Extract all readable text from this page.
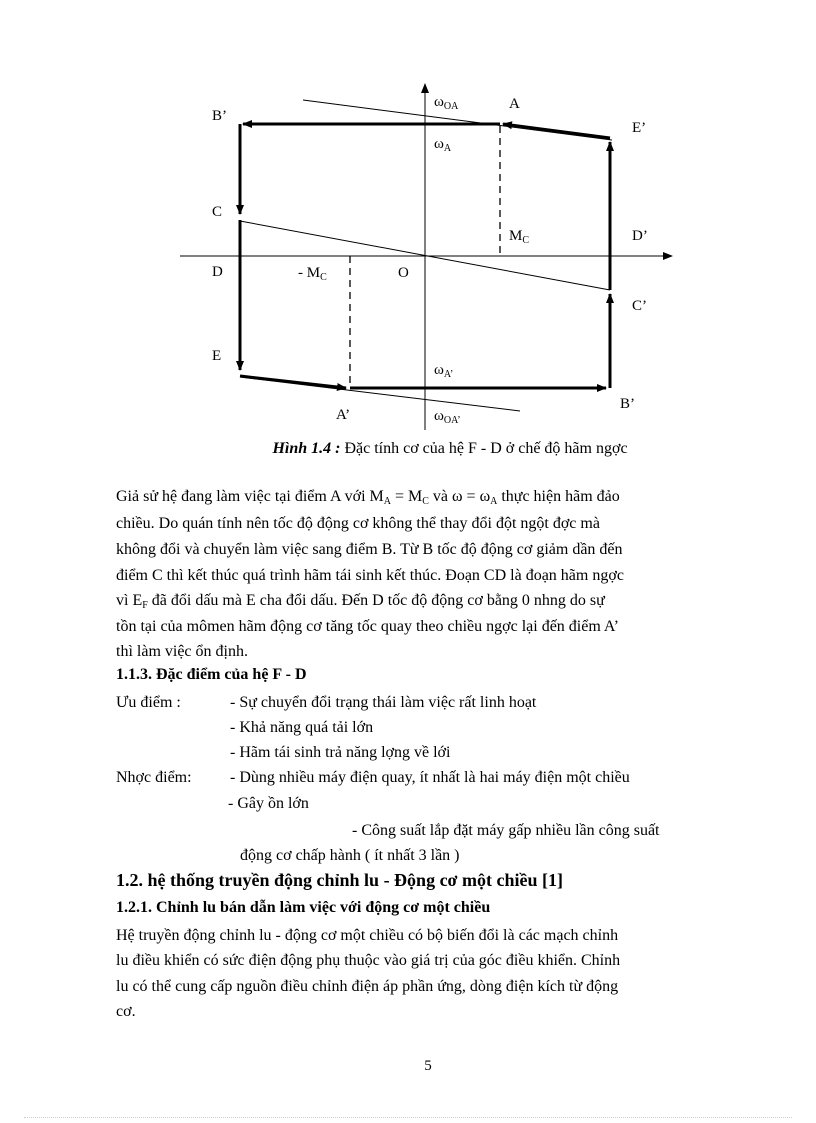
B’
C
D
E
A
E’
D’
C’
B’
A’
O
$\omega_{OA}$
$\omega_A$
$\omega_{A’}$
$\omega_{OA’}$
$M_C$
- $M_C$
Hình 1.4 : Đặc tính cơ của hệ F - D ở chế độ hãm ngợc
Giả sử hệ đang làm việc tại điểm A với $M_A = M_C$ và $\omega = \omega_A$ thực hiện hãm đảo
chiều. Do quán tính nên tốc độ động cơ không thể thay đổi đột ngột đợc mà
không đổi và chuyển làm việc sang điểm B. Từ B tốc độ động cơ giảm dần đến
điểm C thì kết thúc quá trình hãm tái sinh kết thúc. Đoạn CD là đoạn hãm ngợc
vì $E_F$ đã đổi dấu mà E cha đổi dấu. Đến D tốc độ động cơ bằng 0 nhng do sự
tồn tại của mômen hãm động cơ tăng tốc quay theo chiều ngợc lại đến điểm A’
thì làm việc ổn định.
1.1.3. Đặc điểm của hệ F - D
Ưu điểm :	- Sự chuyển đổi trạng thái làm việc rất linh hoạt
- Khả năng quá tải lớn
- Hãm tái sinh trả năng lợng về lới
Nhợc điểm: - Dùng nhiều máy điện quay, ít nhất là hai máy điện một chiều
- Gây ồn lớn
- Công suất lắp đặt máy gấp nhiều lần công suất
động cơ chấp hành ( ít nhất 3 lần )
1.2. hệ thống truyền động chỉnh lu - Động cơ một chiều [1]
1.2.1. Chỉnh lu bán dẫn làm việc với động cơ một chiều
Hệ truyền động chỉnh lu - động cơ một chiều có bộ biến đổi là các mạch chỉnh
lu điều khiển có sức điện động phụ thuộc vào giá trị của góc điều khiển. Chỉnh
lu có thể cung cấp nguồn điều chỉnh điện áp phần ứng, dòng điện kích từ động
cơ.
5
